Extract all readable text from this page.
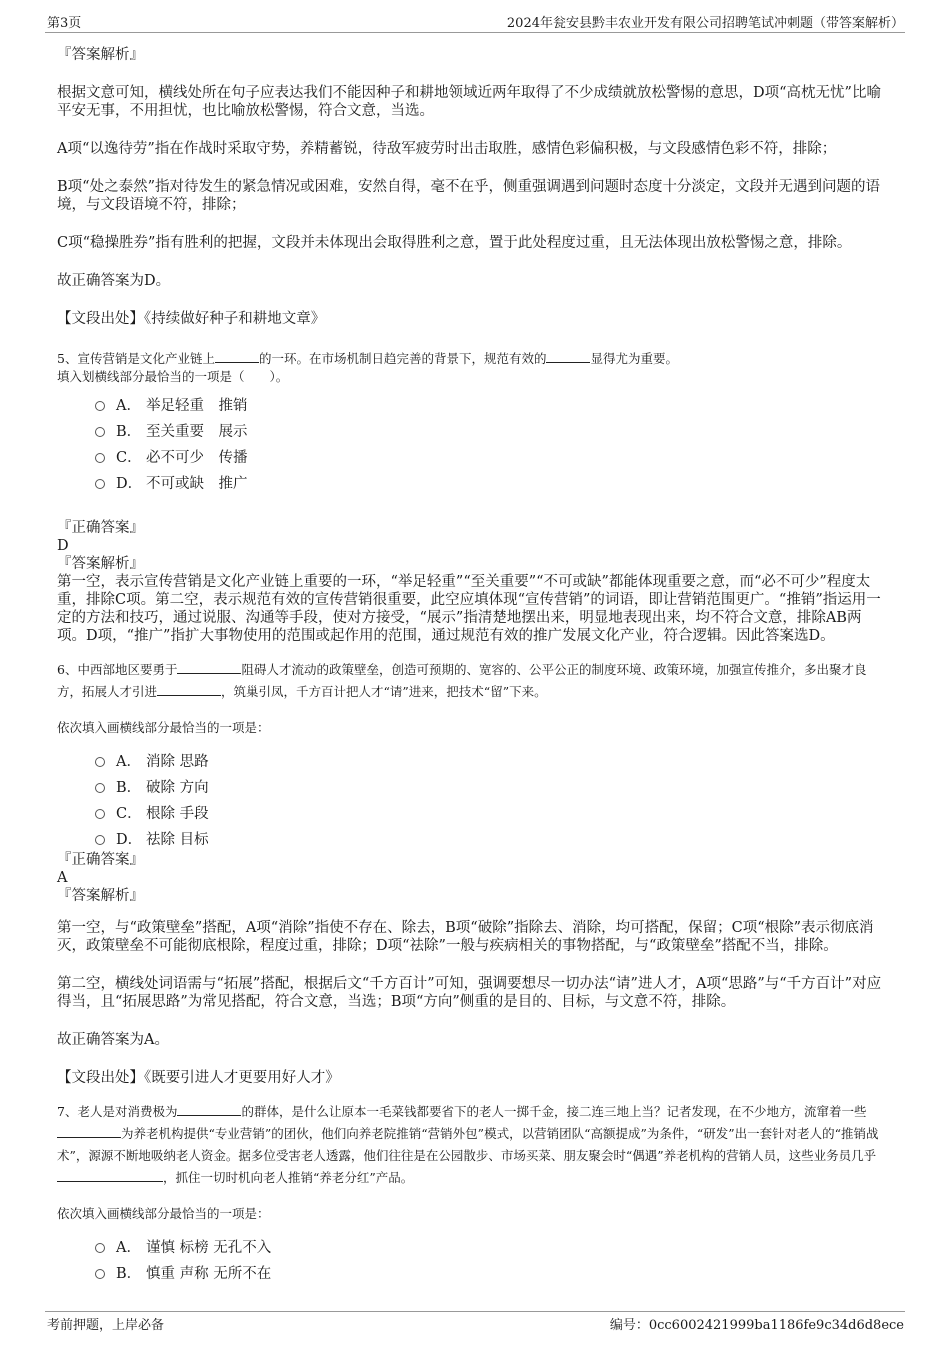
第3页	2024年瓮安县黔丰农业开发有限公司招聘笔试冲刺题（带答案解析）
『答案解析』
根据文意可知，横线处所在句子应表达我们不能因种子和耕地领域近两年取得了不少成绩就放松警惕的意思，D项“高枕无忧”比喻平安无事，不用担忧，也比喻放松警惕，符合文意，当选。
A项“以逸待劳”指在作战时采取守势，养精蓄锐，待敌军疲劳时出击取胜，感情色彩偏积极，与文段感情色彩不符，排除；
B项“处之泰然”指对待发生的紧急情况或困难，安然自得，毫不在乎，侧重强调遇到问题时态度十分淡定，文段并无遇到问题的语境，与文段语境不符，排除；
C项“稳操胜券”指有胜利的把握，文段并未体现出会取得胜利之意，置于此处程度过重，且无法体现出放松警惕之意，排除。
故正确答案为D。
【文段出处】《持续做好种子和耕地文章》
5、宣传营销是文化产业链上	的一环。在市场机制日趋完善的背景下，规范有效的	显得尤为重要。
填入划横线部分最恰当的一项是（　　）。
A． 举足轻重　推销
B． 至关重要　展示
C． 必不可少　传播
D． 不可或缺　推广
『正确答案』
D
『答案解析』
第一空，表示宣传营销是文化产业链上重要的一环，“举足轻重”“至关重要”“不可或缺”都能体现重要之意，而“必不可少”程度太重，排除C项。第二空，表示规范有效的宣传营销很重要，此空应填体现“宣传营销”的词语，即让营销范围更广。“推销”指运用一定的方法和技巧，通过说服、沟通等手段，使对方接受，“展示”指清楚地摆出来，明显地表现出来，均不符合文意，排除AB两项。D项，“推广”指扩大事物使用的范围或起作用的范围，通过规范有效的推广发展文化产业，符合逻辑。因此答案选D。
6、中西部地区要勇于	阻碍人才流动的政策壁垒，创造可预期的、宽容的、公平公正的制度环境、政策环境，加强宣传推介，多出聚才良方，拓展人才引进	，筑巢引凤，千方百计把人才“请”进来，把技术“留”下来。
依次填入画横线部分最恰当的一项是：
A． 消除 思路
B． 破除 方向
C． 根除 手段
D． 祛除 目标
『正确答案』
A
『答案解析』
第一空，与“政策壁垒”搭配，A项“消除”指使不存在、除去，B项“破除”指除去、消除，均可搭配，保留；C项“根除”表示彻底消灭，政策壁垒不可能彻底根除，程度过重，排除；D项“祛除”一般与疾病相关的事物搭配，与“政策壁垒”搭配不当，排除。
第二空，横线处词语需与“拓展”搭配，根据后文“千方百计”可知，强调要想尽一切办法“请”进人才，A项“思路”与“千方百计”对应得当，且“拓展思路”为常见搭配，符合文意，当选；B项“方向”侧重的是目的、目标，与文意不符，排除。
故正确答案为A。
【文段出处】《既要引进人才更要用好人才》
7、老人是对消费极为	的群体，是什么让原本一毛菜钱都要省下的老人一掷千金，接二连三地上当？记者发现，在不少地方，流窜着一些为养老机构提供“专业营销”的团伙，他们向养老院推销“营销外包”模式，以营销团队“高额提成”为条件，“研发”出一套针对老人的“推销战术”，源源不断地吸纳老人资金。据多位受害老人透露，他们往往是在公园散步、市场买菜、朋友聚会时“偶遇”养老机构的营销人员，这些业务员几乎，抓住一切时机向老人推销“养老分红”产品。
依次填入画横线部分最恰当的一项是：
A． 谨慎 标榜 无孔不入
B． 慎重 声称 无所不在
考前押题，上岸必备	编号：0cc6002421999ba1186fe9c34d6d8ece
